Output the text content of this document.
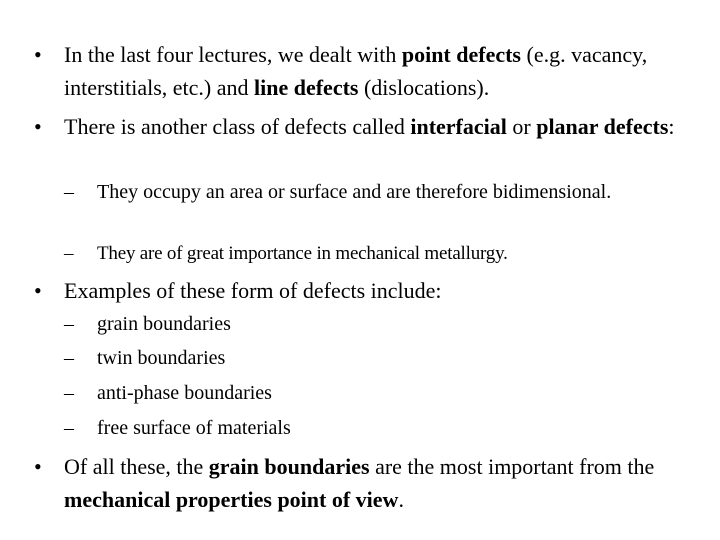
•	In the last four lectures, we dealt with point defects (e.g. vacancy, interstitials, etc.) and line defects (dislocations).
•	There is another class of defects called interfacial or planar defects:
– They occupy an area or surface and are therefore bidimensional.
– They are of great importance in mechanical metallurgy.
•	Examples of these form of defects include:
– grain boundaries
– twin boundaries
– anti-phase boundaries
– free surface of materials
•	Of all these, the grain boundaries are the most important from the mechanical properties point of view.
